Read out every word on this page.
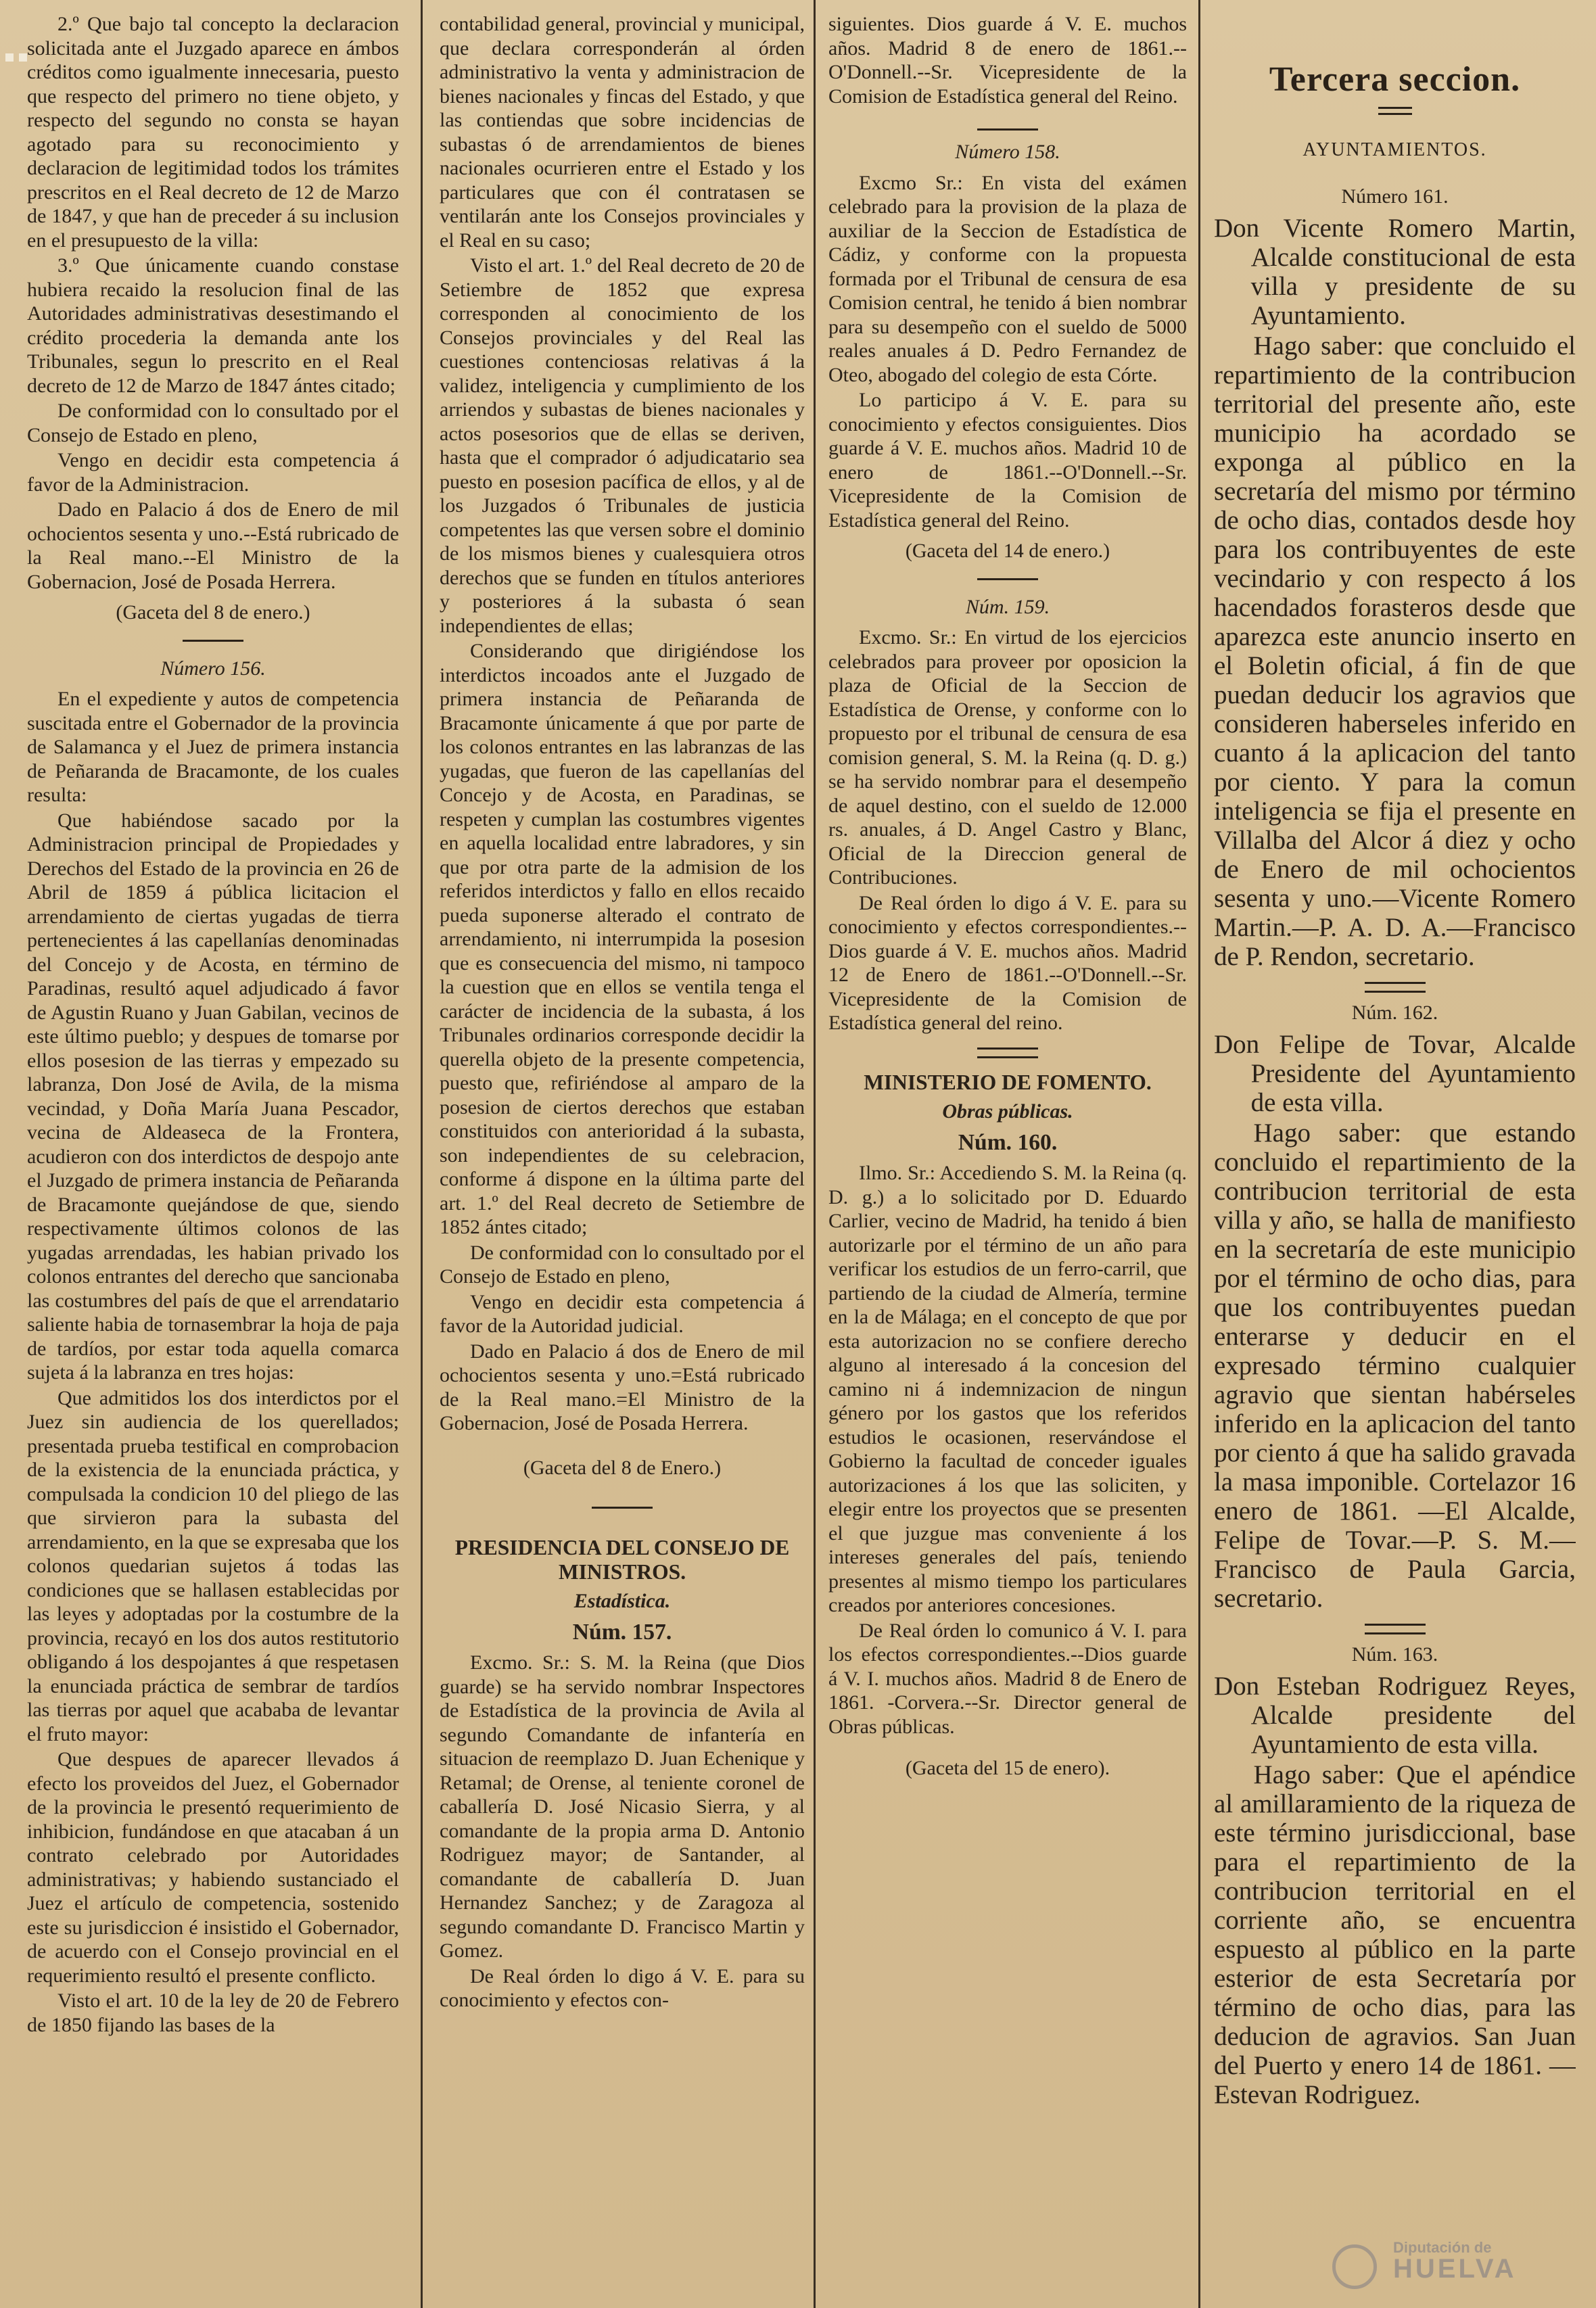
2.º Que bajo tal concepto la declaracion solicitada ante el Juzgado aparece en ámbos créditos como igualmente innecesaria, puesto que respecto del primero no tiene objeto, y respecto del segundo no consta se hayan agotado para su reconocimiento y declaracion de legitimidad todos los trámites prescritos en el Real decreto de 12 de Marzo de 1847, y que han de preceder á su inclusion en el presupuesto de la villa:

3.º Que únicamente cuando constase hubiera recaido la resolucion final de las Autoridades administrativas desestimando el crédito procederia la demanda ante los Tribunales, segun lo prescrito en el Real decreto de 12 de Marzo de 1847 ántes citado;

De conformidad con lo consultado por el Consejo de Estado en pleno,

Vengo en decidir esta competencia á favor de la Administracion.

Dado en Palacio á dos de Enero de mil ochocientos sesenta y uno.--Está rubricado de la Real mano.--El Ministro de la Gobernacion, José de Posada Herrera.

(Gaceta del 8 de enero.)

Número 156.

En el expediente y autos de competencia suscitada entre el Gobernador de la provincia de Salamanca y el Juez de primera instancia de Peñaranda de Bracamonte, de los cuales resulta:

Que habiéndose sacado por la Administracion principal de Propiedades y Derechos del Estado de la provincia en 26 de Abril de 1859 á pública licitacion el arrendamiento de ciertas yugadas de tierra pertenecientes á las capellanías denominadas del Concejo y de Acosta, en término de Paradinas, resultó aquel adjudicado á favor de Agustin Ruano y Juan Gabilan, vecinos de este último pueblo; y despues de tomarse por ellos posesion de las tierras y empezado su labranza, Don José de Avila, de la misma vecindad, y Doña María Juana Pescador, vecina de Aldeaseca de la Frontera, acudieron con dos interdictos de despojo ante el Juzgado de primera instancia de Peñaranda de Bracamonte quejándose de que, siendo respectivamente últimos colonos de las yugadas arrendadas, les habian privado los colonos entrantes del derecho que sancionaba las costumbres del país de que el arrendatario saliente habia de tornasembrar la hoja de paja de tardíos, por estar toda aquella comarca sujeta á la labranza en tres hojas:

Que admitidos los dos interdictos por el Juez sin audiencia de los querellados; presentada prueba testifical en comprobacion de la existencia de la enunciada práctica, y compulsada la condicion 10 del pliego de las que sirvieron para la subasta del arrendamiento, en la que se expresaba que los colonos quedarian sujetos á todas las condiciones que se hallasen establecidas por las leyes y adoptadas por la costumbre de la provincia, recayó en los dos autos restitutorio obligando á los despojantes á que respetasen la enunciada práctica de sembrar de tardíos las tierras por aquel que acababa de levantar el fruto mayor:

Que despues de aparecer llevados á efecto los proveidos del Juez, el Gobernador de la provincia le presentó requerimiento de inhibicion, fundándose en que atacaban á un contrato celebrado por Autoridades administrativas; y habiendo sustanciado el Juez el artículo de competencia, sostenido este su jurisdiccion é insistido el Gobernador, de acuerdo con el Consejo provincial en el requerimiento resultó el presente conflicto.

Visto el art. 10 de la ley de 20 de Febrero de 1850 fijando las bases de la

contabilidad general, provincial y municipal, que declara corresponderán al órden administrativo la venta y administracion de bienes nacionales y fincas del Estado, y que las contiendas que sobre incidencias de subastas ó de arrendamientos de bienes nacionales ocurrieren entre el Estado y los particulares que con él contratasen se ventilarán ante los Consejos provinciales y el Real en su caso;

Visto el art. 1.º del Real decreto de 20 de Setiembre de 1852 que expresa corresponden al conocimiento de los Consejos provinciales y del Real las cuestiones contenciosas relativas á la validez, inteligencia y cumplimiento de los arriendos y subastas de bienes nacionales y actos posesorios que de ellas se deriven, hasta que el comprador ó adjudicatario sea puesto en posesion pacífica de ellos, y al de los Juzgados ó Tribunales de justicia competentes las que versen sobre el dominio de los mismos bienes y cualesquiera otros derechos que se funden en títulos anteriores y posteriores á la subasta ó sean independientes de ellas;

Considerando que dirigiéndose los interdictos incoados ante el Juzgado de primera instancia de Peñaranda de Bracamonte únicamente á que por parte de los colonos entrantes en las labranzas de las yugadas, que fueron de las capellanías del Concejo y de Acosta, en Paradinas, se respeten y cumplan las costumbres vigentes en aquella localidad entre labradores, y sin que por otra parte de la admision de los referidos interdictos y fallo en ellos recaido pueda suponerse alterado el contrato de arrendamiento, ni interrumpida la posesion que es consecuencia del mismo, ni tampoco la cuestion que en ellos se ventila tenga el carácter de incidencia de la subasta, á los Tribunales ordinarios corresponde decidir la querella objeto de la presente competencia, puesto que, refiriéndose al amparo de la posesion de ciertos derechos que estaban constituidos con anterioridad á la subasta, son independientes de su celebracion, conforme á dispone en la última parte del art. 1.º del Real decreto de Setiembre de 1852 ántes citado;

De conformidad con lo consultado por el Consejo de Estado en pleno,

Vengo en decidir esta competencia á favor de la Autoridad judicial.

Dado en Palacio á dos de Enero de mil ochocientos sesenta y uno.=Está rubricado de la Real mano.=El Ministro de la Gobernacion, José de Posada Herrera.

(Gaceta del 8 de Enero.)

PRESIDENCIA DEL CONSEJO DE MINISTROS.

Estadística.

Núm. 157.

Excmo. Sr.: S. M. la Reina (que Dios guarde) se ha servido nombrar Inspectores de Estadística de la provincia de Avila al segundo Comandante de infantería en situacion de reemplazo D. Juan Echenique y Retamal; de Orense, al teniente coronel de caballería D. José Nicasio Sierra, y al comandante de la propia arma D. Antonio Rodriguez mayor; de Santander, al comandante de caballería D. Juan Hernandez Sanchez; y de Zaragoza al segundo comandante D. Francisco Martin y Gomez.

De Real órden lo digo á V. E. para su conocimiento y efectos con-

siguientes. Dios guarde á V. E. muchos años. Madrid 8 de enero de 1861.--O'Donnell.--Sr. Vicepresidente de la Comision de Estadística general del Reino.

Número 158.

Excmo Sr.: En vista del exámen celebrado para la provision de la plaza de auxiliar de la Seccion de Estadística de Cádiz, y conforme con la propuesta formada por el Tribunal de censura de esa Comision central, he tenido á bien nombrar para su desempeño con el sueldo de 5000 reales anuales á D. Pedro Fernandez de Oteo, abogado del colegio de esta Córte.

Lo participo á V. E. para su conocimiento y efectos consiguientes. Dios guarde á V. E. muchos años. Madrid 10 de enero de 1861.--O'Donnell.--Sr. Vicepresidente de la Comision de Estadística general del Reino.

(Gaceta del 14 de enero.)

Núm. 159.

Excmo. Sr.: En virtud de los ejercicios celebrados para proveer por oposicion la plaza de Oficial de la Seccion de Estadística de Orense, y conforme con lo propuesto por el tribunal de censura de esa comision general, S. M. la Reina (q. D. g.) se ha servido nombrar para el desempeño de aquel destino, con el sueldo de 12.000 rs. anuales, á D. Angel Castro y Blanc, Oficial de la Direccion general de Contribuciones.

De Real órden lo digo á V. E. para su conocimiento y efectos correspondientes.--Dios guarde á V. E. muchos años. Madrid 12 de Enero de 1861.--O'Donnell.--Sr. Vicepresidente de la Comision de Estadística general del reino.

MINISTERIO DE FOMENTO.

Obras públicas.

Núm. 160.

Ilmo. Sr.: Accediendo S. M. la Reina (q. D. g.) a lo solicitado por D. Eduardo Carlier, vecino de Madrid, ha tenido á bien autorizarle por el término de un año para verificar los estudios de un ferro-carril, que partiendo de la ciudad de Almería, termine en la de Málaga; en el concepto de que por esta autorizacion no se confiere derecho alguno al interesado á la concesion del camino ni á indemnizacion de ningun género por los gastos que los referidos estudios le ocasionen, reservándose el Gobierno la facultad de conceder iguales autorizaciones á los que las soliciten, y elegir entre los proyectos que se presenten el que juzgue mas conveniente á los intereses generales del país, teniendo presentes al mismo tiempo los particulares creados por anteriores concesiones.

De Real órden lo comunico á V. I. para los efectos correspondientes.--Dios guarde á V. I. muchos años. Madrid 8 de Enero de 1861. -Corvera.--Sr. Director general de Obras públicas.

(Gaceta del 15 de enero).

Tercera seccion.

AYUNTAMIENTOS.

Número 161.

Don Vicente Romero Martin, Alcalde constitucional de esta villa y presidente de su Ayuntamiento.

Hago saber: que concluido el repartimiento de la contribucion territorial del presente año, este municipio ha acordado se exponga al público en la secretaría del mismo por término de ocho dias, contados desde hoy para los contribuyentes de este vecindario y con respecto á los hacendados forasteros desde que aparezca este anuncio inserto en el Boletin oficial, á fin de que puedan deducir los agravios que consideren haberseles inferido en cuanto á la aplicacion del tanto por ciento. Y para la comun inteligencia se fija el presente en Villalba del Alcor á diez y ocho de Enero de mil ochocientos sesenta y uno.—Vicente Romero Martin.—P. A. D. A.—Francisco de P. Rendon, secretario.

Núm. 162.

Don Felipe de Tovar, Alcalde Presidente del Ayuntamiento de esta villa.

Hago saber: que estando concluido el repartimiento de la contribucion territorial de esta villa y año, se halla de manifiesto en la secretaría de este municipio por el término de ocho dias, para que los contribuyentes puedan enterarse y deducir en el expresado término cualquier agravio que sientan habérseles inferido en la aplicacion del tanto por ciento á que ha salido gravada la masa imponible. Cortelazor 16 enero de 1861. —El Alcalde, Felipe de Tovar.—P. S. M.—Francisco de Paula Garcia, secretario.

Núm. 163.

Don Esteban Rodriguez Reyes, Alcalde presidente del Ayuntamiento de esta villa.

Hago saber: Que el apéndice al amillaramiento de la riqueza de este término jurisdiccional, base para el repartimiento de la contribucion territorial en el corriente año, se encuentra espuesto al público en la parte esterior de esta Secretaría por término de ocho dias, para las deducion de agravios. San Juan del Puerto y enero 14 de 1861. —Estevan Rodriguez.

Diputación de
HUELVA
